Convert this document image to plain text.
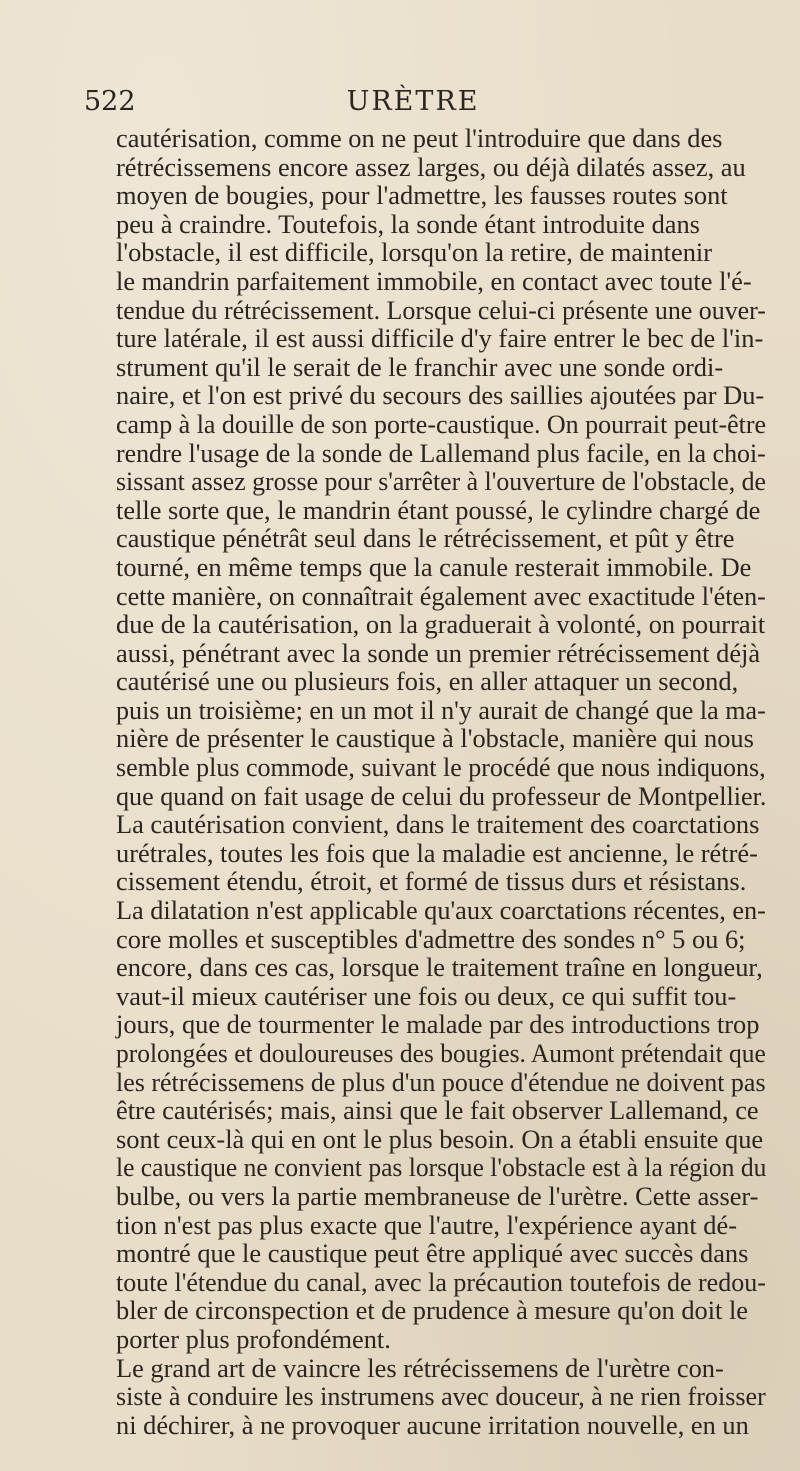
522	URÈTRE
cautérisation, comme on ne peut l'introduire que dans des
rétrécissemens encore assez larges, ou déjà dilatés assez, au
moyen de bougies, pour l'admettre, les fausses routes sont
peu à craindre. Toutefois, la sonde étant introduite dans
l'obstacle, il est difficile, lorsqu'on la retire, de maintenir
le mandrin parfaitement immobile, en contact avec toute l'é-
tendue du rétrécissement. Lorsque celui-ci présente une ouver-
ture latérale, il est aussi difficile d'y faire entrer le bec de l'in-
strument qu'il le serait de le franchir avec une sonde ordi-
naire, et l'on est privé du secours des saillies ajoutées par Du-
camp à la douille de son porte-caustique. On pourrait peut-être
rendre l'usage de la sonde de Lallemand plus facile, en la choi-
sissant assez grosse pour s'arrêter à l'ouverture de l'obstacle, de
telle sorte que, le mandrin étant poussé, le cylindre chargé de
caustique pénétrât seul dans le rétrécissement, et pût y être
tourné, en même temps que la canule resterait immobile. De
cette manière, on connaîtrait également avec exactitude l'éten-
due de la cautérisation, on la graduerait à volonté, on pourrait
aussi, pénétrant avec la sonde un premier rétrécissement déjà
cautérisé une ou plusieurs fois, en aller attaquer un second,
puis un troisième; en un mot il n'y aurait de changé que la ma-
nière de présenter le caustique à l'obstacle, manière qui nous
semble plus commode, suivant le procédé que nous indiquons,
que quand on fait usage de celui du professeur de Montpellier.
La cautérisation convient, dans le traitement des coarctations
urétrales, toutes les fois que la maladie est ancienne, le rétré-
cissement étendu, étroit, et formé de tissus durs et résistans.
La dilatation n'est applicable qu'aux coarctations récentes, en-
core molles et susceptibles d'admettre des sondes n° 5 ou 6;
encore, dans ces cas, lorsque le traitement traîne en longueur,
vaut-il mieux cautériser une fois ou deux, ce qui suffit tou-
jours, que de tourmenter le malade par des introductions trop
prolongées et douloureuses des bougies. Aumont prétendait que
les rétrécissemens de plus d'un pouce d'étendue ne doivent pas
être cautérisés; mais, ainsi que le fait observer Lallemand, ce
sont ceux-là qui en ont le plus besoin. On a établi ensuite que
le caustique ne convient pas lorsque l'obstacle est à la région du
bulbe, ou vers la partie membraneuse de l'urètre. Cette asser-
tion n'est pas plus exacte que l'autre, l'expérience ayant dé-
montré que le caustique peut être appliqué avec succès dans
toute l'étendue du canal, avec la précaution toutefois de redou-
bler de circonspection et de prudence à mesure qu'on doit le
porter plus profondément.
Le grand art de vaincre les rétrécissemens de l'urètre con-
siste à conduire les instrumens avec douceur, à ne rien froisser
ni déchirer, à ne provoquer aucune irritation nouvelle, en un
